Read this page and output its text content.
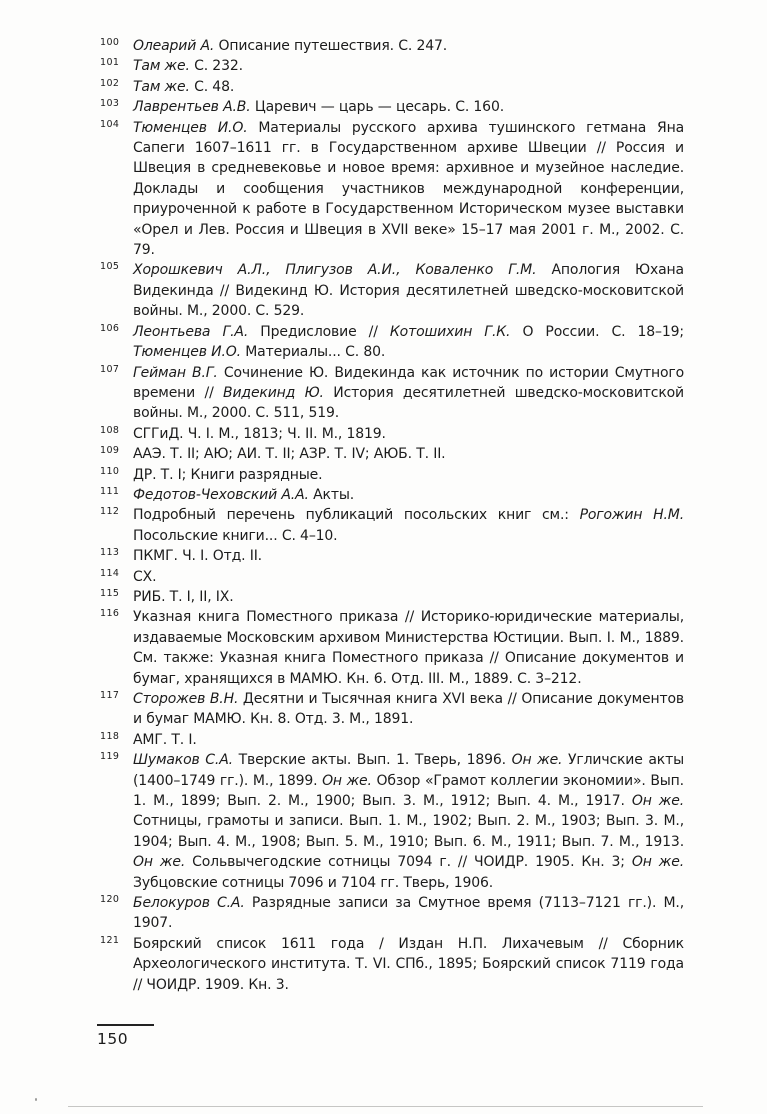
100 Олеарий А. Описание путешествия. С. 247.
101 Там же. С. 232.
102 Там же. С. 48.
103 Лаврентьев А.В. Царевич — царь — цесарь. С. 160.
104 Тюменцев И.О. Материалы русского архива тушинского гетмана Яна Сапеги 1607–1611 гг. в Государственном архиве Швеции // Россия и Швеция в средневековье и новое время: архивное и музейное наследие. Доклады и сообщения участников международной конференции, приуроченной к работе в Государственном Историческом музее выставки «Орел и Лев. Россия и Швеция в XVII веке» 15–17 мая 2001 г. М., 2002. С. 79.
105 Хорошкевич А.Л., Плигузов А.И., Коваленко Г.М. Апология Юхана Видекинда // Видекинд Ю. История десятилетней шведско-московитской войны. М., 2000. С. 529.
106 Леонтьева Г.А. Предисловие // Котошихин Г.К. О России. С. 18–19; Тюменцев И.О. Материалы... С. 80.
107 Гейман В.Г. Сочинение Ю. Видекинда как источник по истории Смутного времени // Видекинд Ю. История десятилетней шведско-московитской войны. М., 2000. С. 511, 519.
108 СГГиД. Ч. I. М., 1813; Ч. II. М., 1819.
109 ААЭ. Т. II; АЮ; АИ. Т. II; АЗР. Т. IV; АЮБ. Т. II.
110 ДР. Т. I; Книги разрядные.
111 Федотов-Чеховский А.А. Акты.
112 Подробный перечень публикаций посольских книг см.: Рогожин Н.М. Посольские книги... С. 4–10.
113 ПКМГ. Ч. I. Отд. II.
114 СХ.
115 РИБ. Т. I, II, IX.
116 Указная книга Поместного приказа // Историко-юридические материалы, издаваемые Московским архивом Министерства Юстиции. Вып. I. М., 1889. См. также: Указная книга Поместного приказа // Описание документов и бумаг, хранящихся в МАМЮ. Кн. 6. Отд. III. М., 1889. С. 3–212.
117 Сторожев В.Н. Десятни и Тысячная книга XVI века // Описание документов и бумаг МАМЮ. Кн. 8. Отд. 3. М., 1891.
118 АМГ. Т. I.
119 Шумаков С.А. Тверские акты. Вып. 1. Тверь, 1896. Он же. Угличские акты (1400–1749 гг.). М., 1899. Он же. Обзор «Грамот коллегии экономии». Вып. 1. М., 1899; Вып. 2. М., 1900; Вып. 3. М., 1912; Вып. 4. М., 1917. Он же. Сотницы, грамоты и записи. Вып. 1. М., 1902; Вып. 2. М., 1903; Вып. 3. М., 1904; Вып. 4. М., 1908; Вып. 5. М., 1910; Вып. 6. М., 1911; Вып. 7. М., 1913. Он же. Сольвычегодские сотницы 7094 г. // ЧОИДР. 1905. Кн. 3; Он же. Зубцовские сотницы 7096 и 7104 гг. Тверь, 1906.
120 Белокуров С.А. Разрядные записи за Смутное время (7113–7121 гг.). М., 1907.
121 Боярский список 1611 года / Издан Н.П. Лихачевым // Сборник Археологического института. Т. VI. СПб., 1895; Боярский список 7119 года // ЧОИДР. 1909. Кн. 3.
150
